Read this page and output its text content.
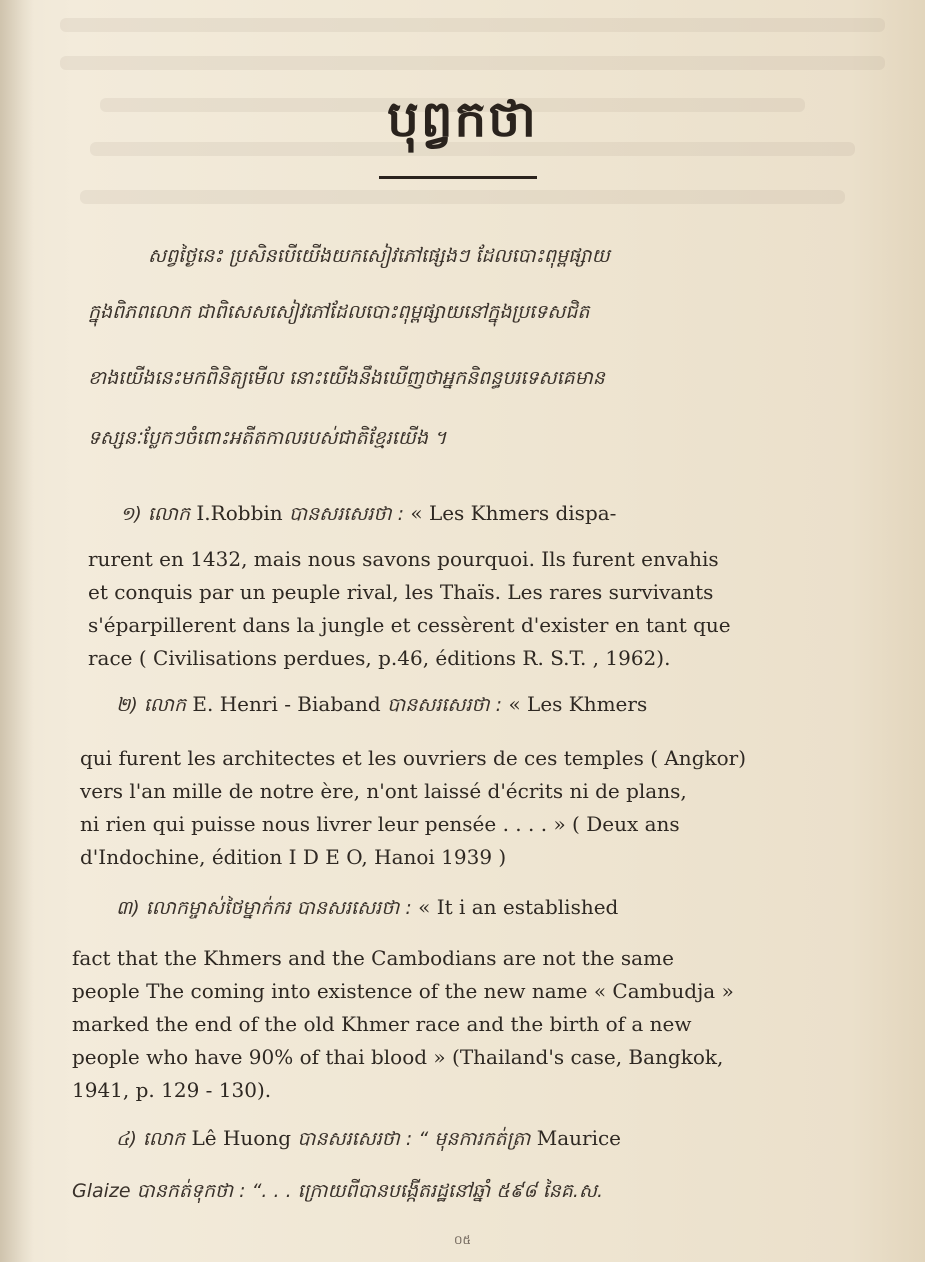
បុព្វកថា
សព្វថ្ងៃនេះ ប្រសិនបើយើងយកសៀវភៅផ្សេងៗ ដែលបោះពុម្ពផ្សាយ
ក្នុងពិភពលោក ជាពិសេសសៀវភៅដែលបោះពុម្ពផ្សាយនៅក្នុងប្រទេសជិត
ខាងយើងនេះមកពិនិត្យមើល នោះយើងនឹងឃើញថាអ្នកនិពន្ធបរទេសគេមាន
ទស្សនៈប្លែកៗចំពោះអតីតកាលរបស់ជាតិខ្មែរយើង ។
១) លោក I.Robbin បានសរសេរថា : « Les Khmers dispa-
rurent en 1432, mais nous savons pourquoi. Ils furent envahis
et conquis par un peuple rival, les Thaïs. Les rares survivants
s'éparpillerent dans la jungle et cessèrent d'exister en tant que
race ( Civilisations perdues, p.46, éditions R. S.T. , 1962).
២) លោក E. Henri - Biaband បានសរសេរថា : « Les Khmers
qui furent les architectes et les ouvriers de ces temples ( Angkor)
vers l'an mille de notre ère, n'ont laissé d'écrits ni de plans,
ni rien qui puisse nous livrer leur pensée . . . . » ( Deux ans
d'Indochine, édition I D E O, Hanoi 1939 )
៣) លោកម្ចាស់ថៃម្នាក់ករ បានសរសេរថា : « It i an established
fact that the Khmers and the Cambodians are not the same
people The coming into existence of the new name « Cambudja »
marked the end of the old Khmer race and the birth of a new
people who have 90% of thai blood » (Thailand's case, Bangkok,
1941, p. 129 - 130).
៤) លោក Lê Huong បានសរសេរថា : “ មុនការកត់ត្រា Maurice
Glaize បានកត់ទុកថា : “. . . ក្រោយពីបានបង្កើតរដ្ឋនៅឆ្នាំ ៥៩៨ នៃគ.ស.
០៥
